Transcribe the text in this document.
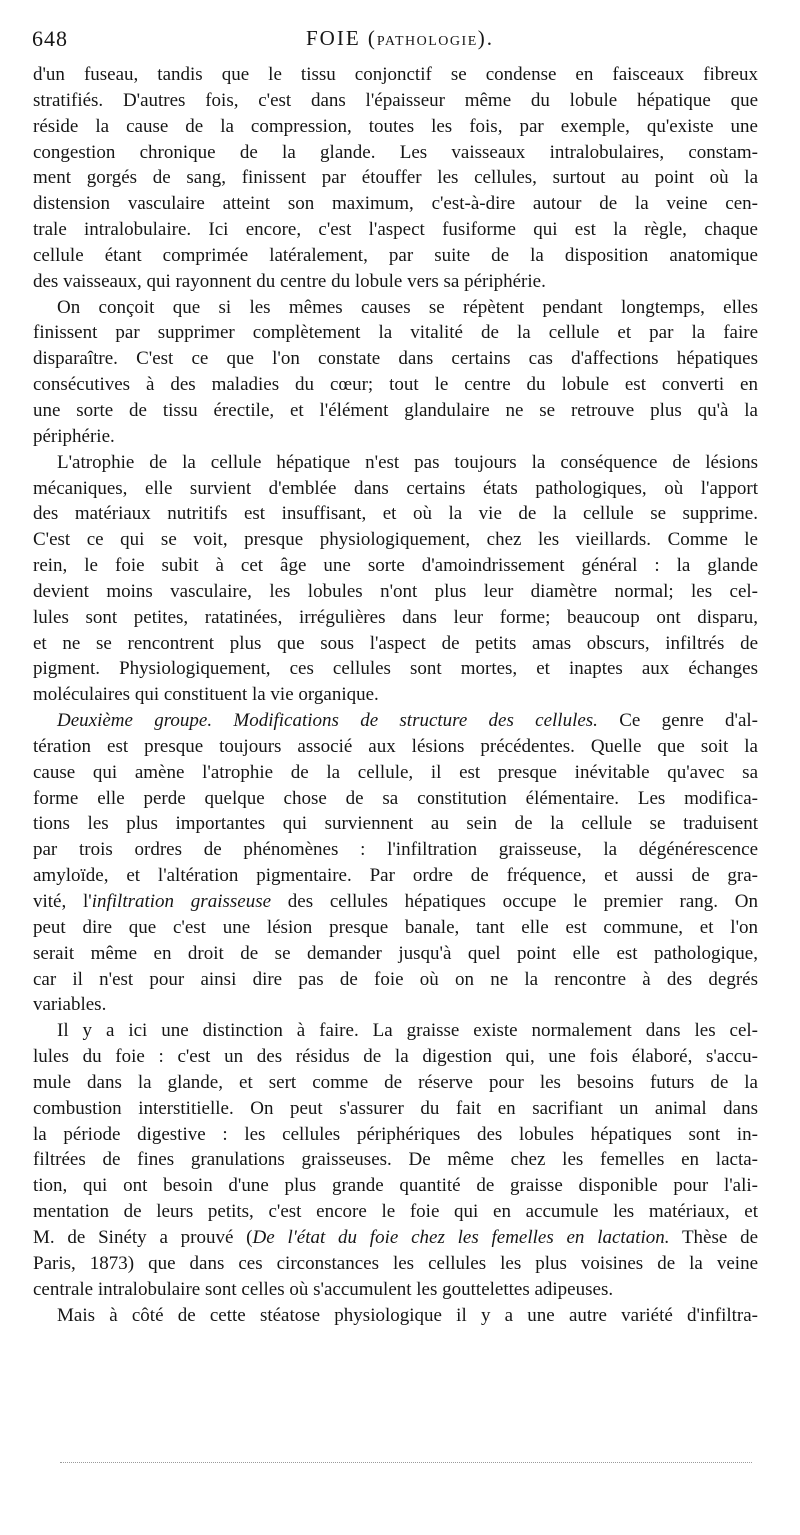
648	FOIE (PATHOLOGIE).
d'un fuseau, tandis que le tissu conjonctif se condense en faisceaux fibreux
stratifiés. D'autres fois, c'est dans l'épaisseur même du lobule hépatique que
réside la cause de la compression, toutes les fois, par exemple, qu'existe une
congestion chronique de la glande. Les vaisseaux intralobulaires, constam-
ment gorgés de sang, finissent par étouffer les cellules, surtout au point où la
distension vasculaire atteint son maximum, c'est-à-dire autour de la veine cen-
trale intralobulaire. Ici encore, c'est l'aspect fusiforme qui est la règle, chaque
cellule étant comprimée latéralement, par suite de la disposition anatomique
des vaisseaux, qui rayonnent du centre du lobule vers sa périphérie.
On conçoit que si les mêmes causes se répètent pendant longtemps, elles
finissent par supprimer complètement la vitalité de la cellule et par la faire
disparaître. C'est ce que l'on constate dans certains cas d'affections hépatiques
consécutives à des maladies du cœur; tout le centre du lobule est converti en
une sorte de tissu érectile, et l'élément glandulaire ne se retrouve plus qu'à la
périphérie.
L'atrophie de la cellule hépatique n'est pas toujours la conséquence de lésions
mécaniques, elle survient d'emblée dans certains états pathologiques, où l'apport
des matériaux nutritifs est insuffisant, et où la vie de la cellule se supprime.
C'est ce qui se voit, presque physiologiquement, chez les vieillards. Comme le
rein, le foie subit à cet âge une sorte d'amoindrissement général : la glande
devient moins vasculaire, les lobules n'ont plus leur diamètre normal; les cel-
lules sont petites, ratatinées, irrégulières dans leur forme; beaucoup ont disparu,
et ne se rencontrent plus que sous l'aspect de petits amas obscurs, infiltrés de
pigment. Physiologiquement, ces cellules sont mortes, et inaptes aux échanges
moléculaires qui constituent la vie organique.
Deuxième groupe. Modifications de structure des cellules. Ce genre d'al-
tération est presque toujours associé aux lésions précédentes. Quelle que soit la
cause qui amène l'atrophie de la cellule, il est presque inévitable qu'avec sa
forme elle perde quelque chose de sa constitution élémentaire. Les modifica-
tions les plus importantes qui surviennent au sein de la cellule se traduisent
par trois ordres de phénomènes : l'infiltration graisseuse, la dégénérescence
amyloïde, et l'altération pigmentaire. Par ordre de fréquence, et aussi de gra-
vité, l'infiltration graisseuse des cellules hépatiques occupe le premier rang. On
peut dire que c'est une lésion presque banale, tant elle est commune, et l'on
serait même en droit de se demander jusqu'à quel point elle est pathologique,
car il n'est pour ainsi dire pas de foie où on ne la rencontre à des degrés
variables.
Il y a ici une distinction à faire. La graisse existe normalement dans les cel-
lules du foie : c'est un des résidus de la digestion qui, une fois élaboré, s'accu-
mule dans la glande, et sert comme de réserve pour les besoins futurs de la
combustion interstitielle. On peut s'assurer du fait en sacrifiant un animal dans
la période digestive : les cellules périphériques des lobules hépatiques sont in-
filtrées de fines granulations graisseuses. De même chez les femelles en lacta-
tion, qui ont besoin d'une plus grande quantité de graisse disponible pour l'ali-
mentation de leurs petits, c'est encore le foie qui en accumule les matériaux, et
M. de Sinéty a prouvé (De l'état du foie chez les femelles en lactation. Thèse de
Paris, 1873) que dans ces circonstances les cellules les plus voisines de la veine
centrale intralobulaire sont celles où s'accumulent les gouttelettes adipeuses.
Mais à côté de cette stéatose physiologique il y a une autre variété d'infiltra-
